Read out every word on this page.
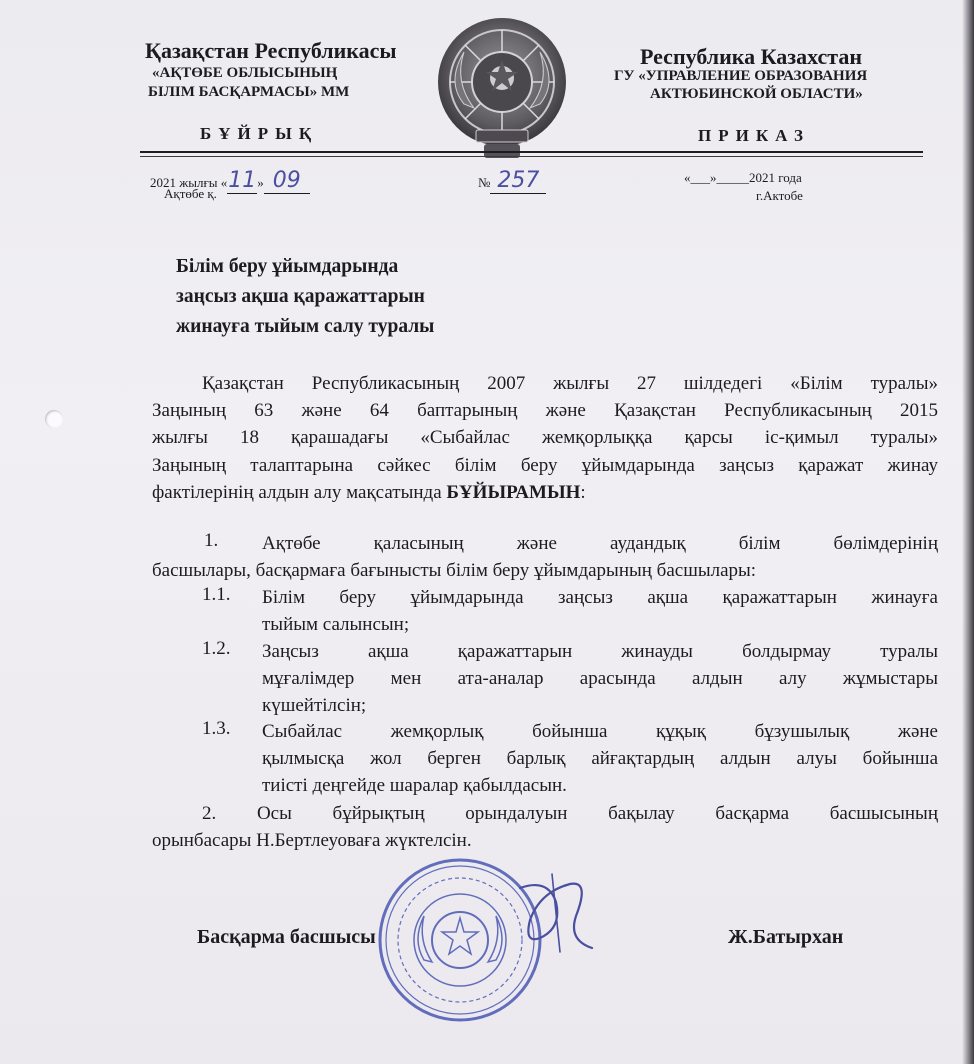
Қазақстан Республикасы
«АҚТӨБЕ ОБЛЫСЫНЫҢ
БІЛІМ БАСҚАРМАСЫ» ММ
БҰЙРЫҚ
Республика Казахстан
ГУ «УПРАВЛЕНИЕ ОБРАЗОВАНИЯ
АКТЮБИНСКОЙ ОБЛАСТИ»
ПРИКАЗ
2021 жылғы «11» 09
Ақтөбе қ.
№ 257	«___»_____2021 года
г.Актобе
Білім беру ұйымдарында
заңсыз ақша қаражаттарын
жинауға тыйым салу туралы
Қазақстан Республикасының 2007 жылғы 27 шілдедегі «Білім туралы»
Заңының 63 және 64 баптарының және Қазақстан Республикасының 2015
жылғы 18 қарашадағы «Сыбайлас жемқорлыққа қарсы іс-қимыл туралы»
Заңының талаптарына сәйкес білім беру ұйымдарында заңсыз қаражат жинау
фактілерінің алдын алу мақсатында БҰЙЫРАМЫН:
1. Ақтөбе қаласының және аудандық білім бөлімдерінің
басшылары, басқармаға бағынысты білім беру ұйымдарының басшылары:
1.1. Білім беру ұйымдарында заңсыз ақша қаражаттарын жинауға
тыйым салынсын;
1.2. Заңсыз ақша қаражаттарын жинауды болдырмау туралы
мұғалімдер мен ата-аналар арасында алдын алу жұмыстары
күшейтілсін;
1.3. Сыбайлас жемқорлық бойынша құқық бұзушылық және
қылмысқа жол берген барлық айғақтардың алдын алуы бойынша
тиісті деңгейде шаралар қабылдасын.
2. Осы бұйрықтың орындалуын бақылау басқарма басшысының
орынбасары Н.Бертлеуоваға жүктелсін.
Басқарма басшысы	Ж.Батырхан
